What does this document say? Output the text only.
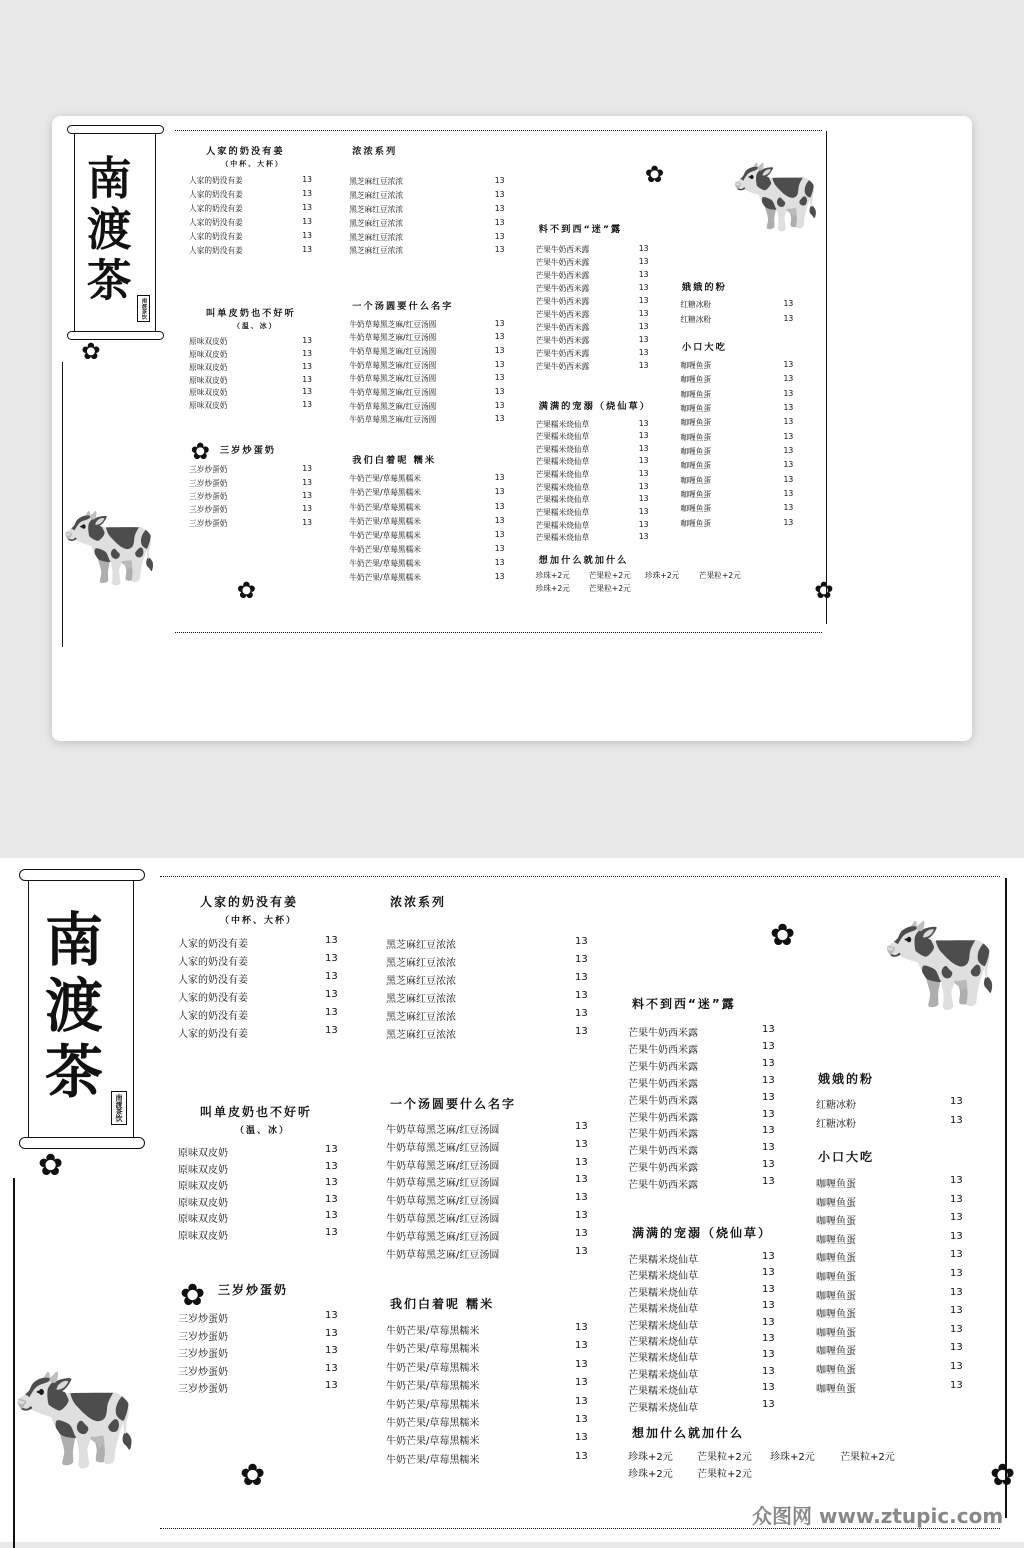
南
渡
茶
南渡茶饮
✿
✿
✿
✿
✿
🐄
🐄
人家的奶没有姜
（中杯、大杯）
人家的奶没有姜	13
人家的奶没有姜	13
人家的奶没有姜	13
人家的奶没有姜	13
人家的奶没有姜	13
人家的奶没有姜	13
叫单皮奶也不好听
（温、冰）
原味双皮奶	13
原味双皮奶	13
原味双皮奶	13
原味双皮奶	13
原味双皮奶	13
原味双皮奶	13
三岁炒蛋奶
三岁炒蛋奶	13
三岁炒蛋奶	13
三岁炒蛋奶	13
三岁炒蛋奶	13
三岁炒蛋奶	13
浓浓系列
黑芝麻红豆浓浓	13
黑芝麻红豆浓浓	13
黑芝麻红豆浓浓	13
黑芝麻红豆浓浓	13
黑芝麻红豆浓浓	13
黑芝麻红豆浓浓	13
一个汤圆要什么名字
牛奶草莓黑芝麻/红豆汤圆	13
牛奶草莓黑芝麻/红豆汤圆	13
牛奶草莓黑芝麻/红豆汤圆	13
牛奶草莓黑芝麻/红豆汤圆	13
牛奶草莓黑芝麻/红豆汤圆	13
牛奶草莓黑芝麻/红豆汤圆	13
牛奶草莓黑芝麻/红豆汤圆	13
牛奶草莓黑芝麻/红豆汤圆	13
我们白着呢 糯米
牛奶芒果/草莓黑糯米	13
牛奶芒果/草莓黑糯米	13
牛奶芒果/草莓黑糯米	13
牛奶芒果/草莓黑糯米	13
牛奶芒果/草莓黑糯米	13
牛奶芒果/草莓黑糯米	13
牛奶芒果/草莓黑糯米	13
牛奶芒果/草莓黑糯米	13
料不到西“迷”露
芒果牛奶西米露	13
芒果牛奶西米露	13
芒果牛奶西米露	13
芒果牛奶西米露	13
芒果牛奶西米露	13
芒果牛奶西米露	13
芒果牛奶西米露	13
芒果牛奶西米露	13
芒果牛奶西米露	13
芒果牛奶西米露	13
满满的宠溺（烧仙草）
芒果糯米烧仙草	13
芒果糯米烧仙草	13
芒果糯米烧仙草	13
芒果糯米烧仙草	13
芒果糯米烧仙草	13
芒果糯米烧仙草	13
芒果糯米烧仙草	13
芒果糯米烧仙草	13
芒果糯米烧仙草	13
芒果糯米烧仙草	13
娥娥的粉
红糖冰粉	13
红糖冰粉	13
小口大吃
咖喱鱼蛋	13
咖喱鱼蛋	13
咖喱鱼蛋	13
咖喱鱼蛋	13
咖喱鱼蛋	13
咖喱鱼蛋	13
咖喱鱼蛋	13
咖喱鱼蛋	13
咖喱鱼蛋	13
咖喱鱼蛋	13
咖喱鱼蛋	13
咖喱鱼蛋	13
想加什么就加什么
珍珠+2元 芒果粒+2元 珍珠+2元	芒果粒+2元
珍珠+2元 芒果粒+2元
南
渡
茶
南渡茶饮
✿
✿
✿
✿
✿
🐄
🐄
人家的奶没有姜
（中杯、大杯）
人家的奶没有姜	13
人家的奶没有姜	13
人家的奶没有姜	13
人家的奶没有姜	13
人家的奶没有姜	13
人家的奶没有姜	13
叫单皮奶也不好听
（温、冰）
原味双皮奶	13
原味双皮奶	13
原味双皮奶	13
原味双皮奶	13
原味双皮奶	13
原味双皮奶	13
三岁炒蛋奶
三岁炒蛋奶	13
三岁炒蛋奶	13
三岁炒蛋奶	13
三岁炒蛋奶	13
三岁炒蛋奶	13
浓浓系列
黑芝麻红豆浓浓	13
黑芝麻红豆浓浓	13
黑芝麻红豆浓浓	13
黑芝麻红豆浓浓	13
黑芝麻红豆浓浓	13
黑芝麻红豆浓浓	13
一个汤圆要什么名字
牛奶草莓黑芝麻/红豆汤圆	13
牛奶草莓黑芝麻/红豆汤圆	13
牛奶草莓黑芝麻/红豆汤圆	13
牛奶草莓黑芝麻/红豆汤圆	13
牛奶草莓黑芝麻/红豆汤圆	13
牛奶草莓黑芝麻/红豆汤圆	13
牛奶草莓黑芝麻/红豆汤圆	13
牛奶草莓黑芝麻/红豆汤圆	13
我们白着呢 糯米
牛奶芒果/草莓黑糯米	13
牛奶芒果/草莓黑糯米	13
牛奶芒果/草莓黑糯米	13
牛奶芒果/草莓黑糯米	13
牛奶芒果/草莓黑糯米	13
牛奶芒果/草莓黑糯米	13
牛奶芒果/草莓黑糯米	13
牛奶芒果/草莓黑糯米	13
料不到西“迷”露
芒果牛奶西米露	13
芒果牛奶西米露	13
芒果牛奶西米露	13
芒果牛奶西米露	13
芒果牛奶西米露	13
芒果牛奶西米露	13
芒果牛奶西米露	13
芒果牛奶西米露	13
芒果牛奶西米露	13
芒果牛奶西米露	13
满满的宠溺（烧仙草）
芒果糯米烧仙草	13
芒果糯米烧仙草	13
芒果糯米烧仙草	13
芒果糯米烧仙草	13
芒果糯米烧仙草	13
芒果糯米烧仙草	13
芒果糯米烧仙草	13
芒果糯米烧仙草	13
芒果糯米烧仙草	13
芒果糯米烧仙草	13
娥娥的粉
红糖冰粉	13
红糖冰粉	13
小口大吃
咖喱鱼蛋	13
咖喱鱼蛋	13
咖喱鱼蛋	13
咖喱鱼蛋	13
咖喱鱼蛋	13
咖喱鱼蛋	13
咖喱鱼蛋	13
咖喱鱼蛋	13
咖喱鱼蛋	13
咖喱鱼蛋	13
咖喱鱼蛋	13
咖喱鱼蛋	13
想加什么就加什么
珍珠+2元 芒果粒+2元 珍珠+2元	芒果粒+2元
珍珠+2元 芒果粒+2元
众图网 www.ztupic.com
